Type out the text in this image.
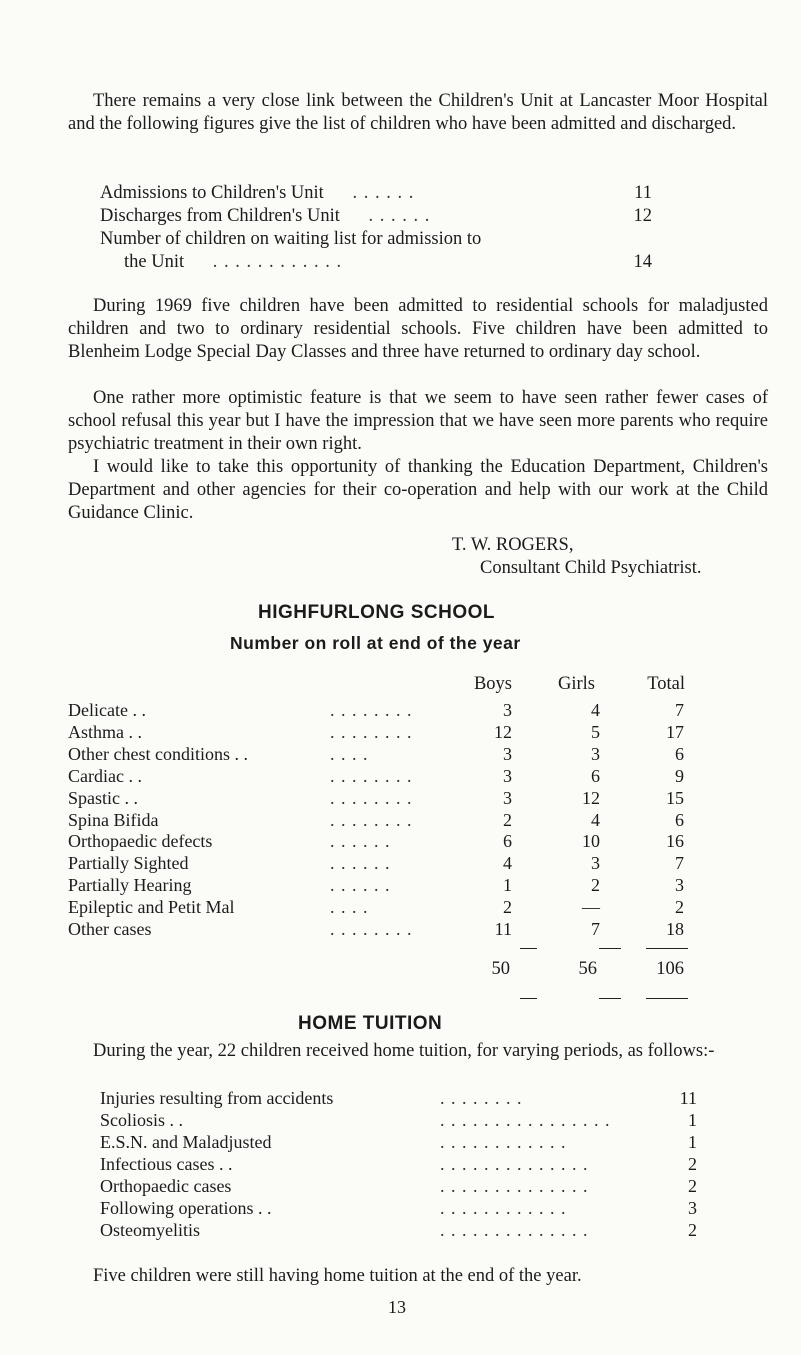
There remains a very close link between the Children's Unit at Lancaster Moor Hospital and the following figures give the list of children who have been admitted and discharged.

Admissions to Children's Unit . . . . . .	11
Discharges from Children's Unit . . . . . .	12
Number of children on waiting list for admission to
the Unit . . . . . . . . . . . .	14

During 1969 five children have been admitted to residential schools for maladjusted children and two to ordinary residential schools. Five children have been admitted to Blenheim Lodge Special Day Classes and three have returned to ordinary day school.

One rather more optimistic feature is that we seem to have seen rather fewer cases of school refusal this year but I have the impression that we have seen more parents who require psychiatric treatment in their own right.

I would like to take this opportunity of thanking the Education Department, Children's Department and other agencies for their co-operation and help with our work at the Child Guidance Clinic.

T. W. ROGERS,
Consultant Child Psychiatrist.
HIGHFURLONG SCHOOL
Number on roll at end of the year
Boys	Girls	Total
Delicate . .	. . . . . . . .	3	4	7
Asthma . .	. . . . . . . .	12	5	17
Other chest conditions . .	. . . .	3	3	6
Cardiac . .	. . . . . . . .	3	6	9
Spastic . .	. . . . . . . .	3	12	15
Spina Bifida	. . . . . . . .	2	4	6
Orthopaedic defects	. . . . . .	6	10	16
Partially Sighted	. . . . . .	4	3	7
Partially Hearing	. . . . . .	1	2	3
Epileptic and Petit Mal	. . . .	2	—	2
Other cases	. . . . . . . .	11	7	18
50	56	106
HOME TUITION

During the year, 22 children received home tuition, for varying periods, as follows:-

Injuries resulting from accidents	. . . . . . . .	11
Scoliosis . .	. . . . . . . . . . . . . . . .	1
E.S.N. and Maladjusted	. . . . . . . . . . . .	1
Infectious cases . .	. . . . . . . . . . . . . .	2
Orthopaedic cases	. . . . . . . . . . . . . .	2
Following operations . .	. . . . . . . . . . . .	3
Osteomyelitis	. . . . . . . . . . . . . .	2

Five children were still having home tuition at the end of the year.

13
